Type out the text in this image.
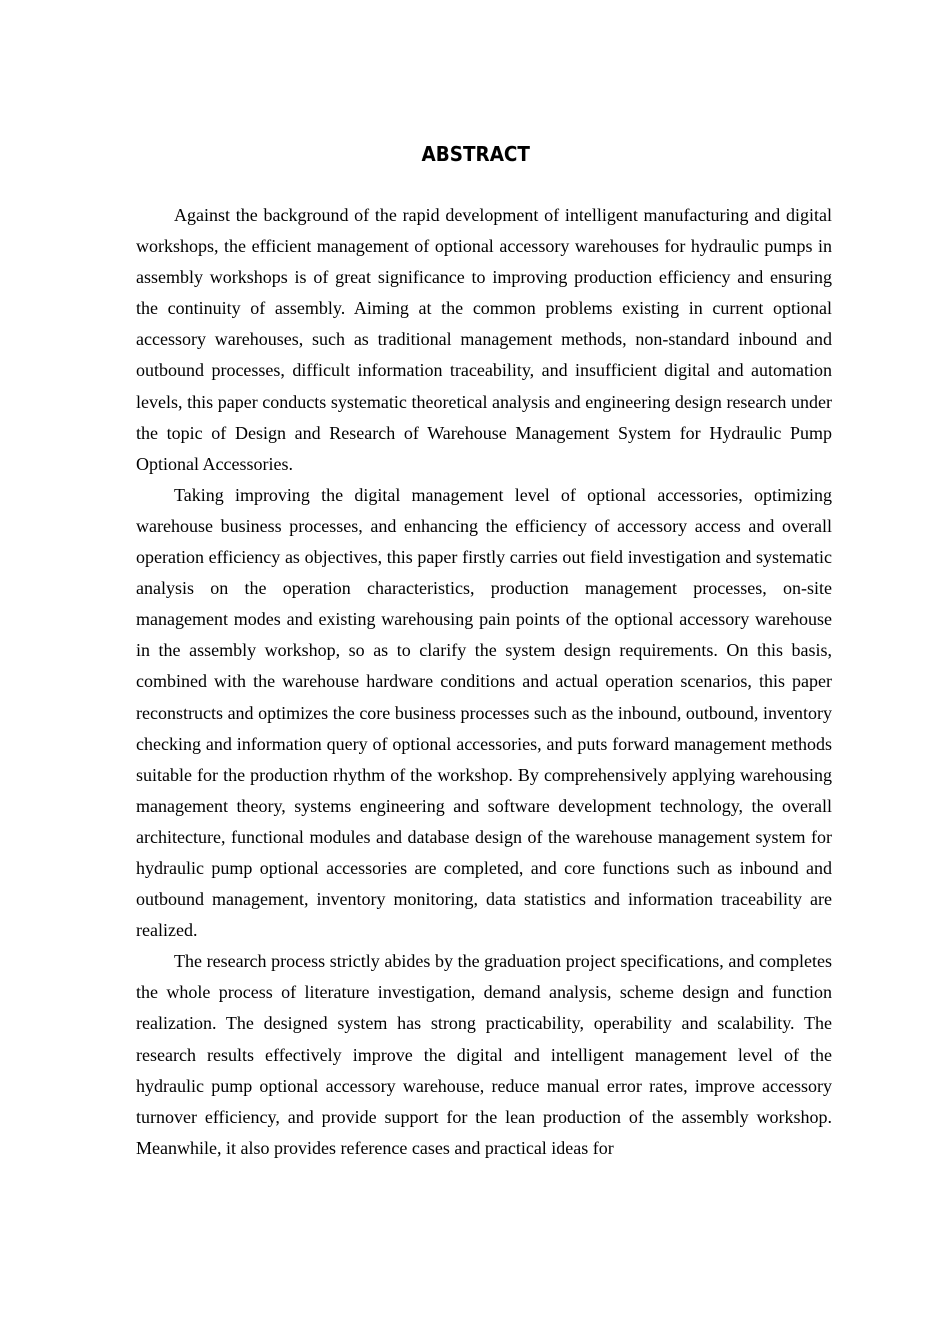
ABSTRACT

Against the background of the rapid development of intelligent manufacturing and digital workshops, the efficient management of optional accessory warehouses for hydraulic pumps in assembly workshops is of great significance to improving production efficiency and ensuring the continuity of assembly. Aiming at the common problems existing in current optional accessory warehouses, such as traditional management methods, non-standard inbound and outbound processes, difficult information traceability, and insufficient digital and automation levels, this paper conducts systematic theoretical analysis and engineering design research under the topic of Design and Research of Warehouse Management System for Hydraulic Pump Optional Accessories.

Taking improving the digital management level of optional accessories, optimizing warehouse business processes, and enhancing the efficiency of accessory access and overall operation efficiency as objectives, this paper firstly carries out field investigation and systematic analysis on the operation characteristics, production management processes, on-site management modes and existing warehousing pain points of the optional accessory warehouse in the assembly workshop, so as to clarify the system design requirements. On this basis, combined with the warehouse hardware conditions and actual operation scenarios, this paper reconstructs and optimizes the core business processes such as the inbound, outbound, inventory checking and information query of optional accessories, and puts forward management methods suitable for the production rhythm of the workshop. By comprehensively applying warehousing management theory, systems engineering and software development technology, the overall architecture, functional modules and database design of the warehouse management system for hydraulic pump optional accessories are completed, and core functions such as inbound and outbound management, inventory monitoring, data statistics and information traceability are realized.

The research process strictly abides by the graduation project specifications, and completes the whole process of literature investigation, demand analysis, scheme design and function realization. The designed system has strong practicability, operability and scalability. The research results effectively improve the digital and intelligent management level of the hydraulic pump optional accessory warehouse, reduce manual error rates, improve accessory turnover efficiency, and provide support for the lean production of the assembly workshop. Meanwhile, it also provides reference cases and practical ideas for
